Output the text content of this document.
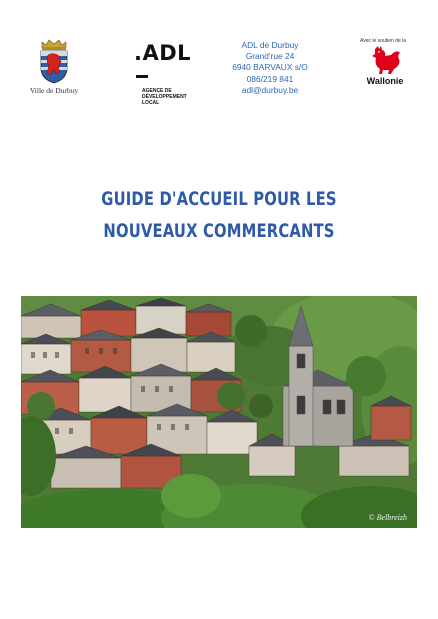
Ville de Durbuy
.ADL
AGENCE DE
DÉVELOPPEMENT
LOCAL
ADL de Durbuy
Grand'rue 24
6940 BARVAUX s/O
086/219 841
adl@durbuy.be
Avec le soutien de la
Wallonie
GUIDE D'ACCUEIL POUR LES
NOUVEAUX COMMERCANTS
© Belbreizh
